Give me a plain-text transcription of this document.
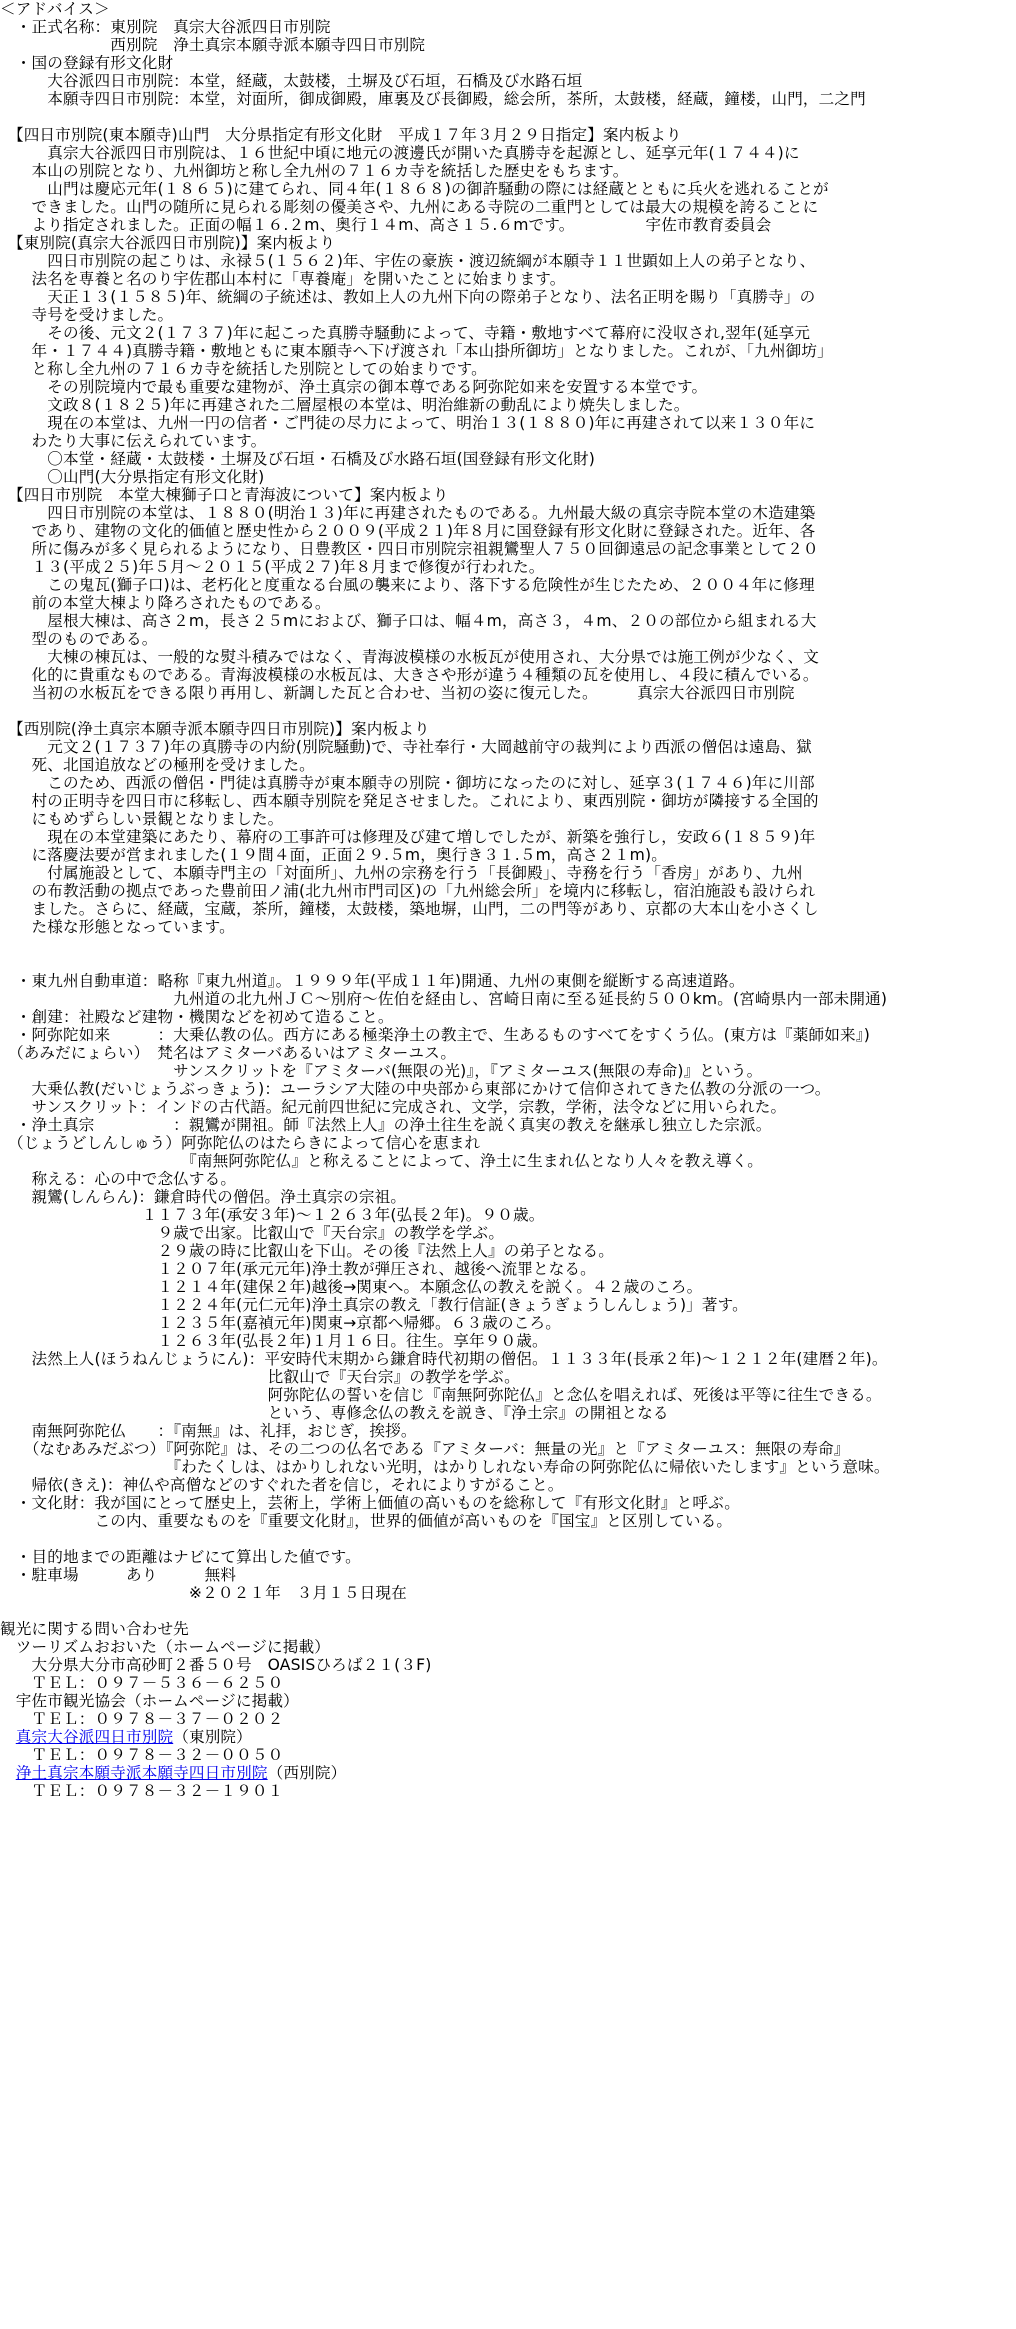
＜アドバイス＞
　・正式名称：東別院　真宗大谷派四日市別院
　　　　　　　西別院　浄土真宗本願寺派本願寺四日市別院
　・国の登録有形文化財
　　　大谷派四日市別院：本堂，経蔵，太鼓楼，土塀及び石垣，石橋及び水路石垣
　　　本願寺四日市別院：本堂，対面所，御成御殿，庫裏及び長御殿，総会所，茶所，太鼓楼，経蔵，鐘楼，山門，二之門
　【四日市別院(東本願寺)山門　大分県指定有形文化財　平成１７年３月２９日指定】案内板より
　　　真宗大谷派四日市別院は、１６世紀中頃に地元の渡邊氏が開いた真勝寺を起源とし、延享元年(１７４４)に
　　本山の別院となり、九州御坊と称し全九州の７１６カ寺を統括した歴史をもちます。
　　　山門は慶応元年(１８６５)に建てられ、同４年(１８６８)の御許騒動の際には経蔵とともに兵火を逃れることが
　　できました。山門の随所に見られる彫刻の優美さや、九州にある寺院の二重門としては最大の規模を誇ることに
　　より指定されました。正面の幅１６.２m、奥行１４m、高さ１５.６mです。　　　　　宇佐市教育委員会
　【東別院(真宗大谷派四日市別院)】案内板より
　　　四日市別院の起こりは、永禄５(１５６２)年、宇佐の豪族・渡辺統綱が本願寺１１世顕如上人の弟子となり、
　　法名を専養と名のり宇佐郡山本村に「専養庵」を開いたことに始まります。
　　　天正１３(１５８５)年、統綱の子統述は、教如上人の九州下向の際弟子となり、法名正明を賜り「真勝寺」の
　　寺号を受けました。
　　　その後、元文２(１７３７)年に起こった真勝寺騒動によって、寺籍・敷地すべて幕府に没収され,翌年(延享元
　　年・１７４４)真勝寺籍・敷地ともに東本願寺へ下げ渡され「本山掛所御坊」となりました。これが、「九州御坊」
　　と称し全九州の７１６カ寺を統括した別院としての始まりです。
　　　その別院境内で最も重要な建物が、浄土真宗の御本尊である阿弥陀如来を安置する本堂です。
　　　文政８(１８２５)年に再建された二層屋根の本堂は、明治維新の動乱により焼失しました。
　　　現在の本堂は、九州一円の信者・ご門徒の尽力によって、明治１３(１８８０)年に再建されて以来１３０年に
　　わたり大事に伝えられています。
　　　〇本堂・経蔵・太鼓楼・土塀及び石垣・石橋及び水路石垣(国登録有形文化財)
　　　〇山門(大分県指定有形文化財)
　【四日市別院　本堂大棟獅子口と青海波について】案内板より
　　　四日市別院の本堂は、１８８０(明治１３)年に再建されたものである。九州最大級の真宗寺院本堂の木造建築
　　であり、建物の文化的価値と歴史性から２００９(平成２１)年８月に国登録有形文化財に登録された。近年、各
　　所に傷みが多く見られるようになり、日豊教区・四日市別院宗祖親鸞聖人７５０回御遠忌の記念事業として２０
　　１３(平成２５)年５月～２０１５(平成２７)年８月まで修復が行われた。
　　　この鬼瓦(獅子口)は、老朽化と度重なる台風の襲来により、落下する危険性が生じたため、２００４年に修理
　　前の本堂大棟より降ろされたものである。
　　　屋根大棟は、高さ２m，長さ２５mにおよび、獅子口は、幅４m，高さ３，４m、２０の部位から組まれる大
　　型のものである。
　　　大棟の棟瓦は、一般的な熨斗積みではなく、青海波模様の水板瓦が使用され、大分県では施工例が少なく、文
　　化的に貴重なものである。青海波模様の水板瓦は、大きさや形が違う４種類の瓦を使用し、４段に積んでいる。
　　当初の水板瓦をできる限り再用し、新調した瓦と合わせ、当初の姿に復元した。　　　真宗大谷派四日市別院
　【西別院(浄土真宗本願寺派本願寺四日市別院)】案内板より
　　　元文２(１７３７)年の真勝寺の内紛(別院騒動)で、寺社奉行・大岡越前守の裁判により西派の僧侶は遠島、獄
　　死、北国追放などの極刑を受けました。
　　　このため、西派の僧侶・門徒は真勝寺が東本願寺の別院・御坊になったのに対し、延享３(１７４６)年に川部
　　村の正明寺を四日市に移転し、西本願寺別院を発足させました。これにより、東西別院・御坊が隣接する全国的
　　にもめずらしい景観となりました。
　　　現在の本堂建築にあたり、幕府の工事許可は修理及び建て増しでしたが、新築を強行し，安政６(１８５９)年
　　に落慶法要が営まれました(１９間４面，正面２９.５m，奥行き３１.５m，高さ２１m)。
　　　付属施設として、本願寺門主の「対面所」、九州の宗務を行う「長御殿」、寺務を行う「香房」があり、九州
　　の布教活動の拠点であった豊前田ノ浦(北九州市門司区)の「九州総会所」を境内に移転し，宿泊施設も設けられ
　　ました。さらに、経蔵，宝蔵，茶所，鐘楼，太鼓楼，築地塀，山門，二の門等があり、京都の大本山を小さくし
　　た様な形態となっています。
　・東九州自動車道：略称『東九州道』。１９９９年(平成１１年)開通、九州の東側を縦断する高速道路。
　　　　　　　　　　　九州道の北九州ＪＣ～別府～佐伯を経由し、宮崎日南に至る延長約５００km。(宮崎県内一部未開通)
　・創建：社殿など建物・機関などを初めて造ること。
　・阿弥陀如来　　　：大乗仏教の仏。西方にある極楽浄土の教主で、生あるものすべてをすくう仏。(東方は『薬師如来』)
　（あみだにょらい）　梵名はアミターバあるいはアミターユス。
　　　　　　　　　　　サンスクリットを『アミターバ(無限の光)』，『アミターユス(無限の寿命)』という。
　　大乗仏教(だいじょうぶっきょう)：ユーラシア大陸の中央部から東部にかけて信仰されてきた仏教の分派の一つ。
　　サンスクリット：インドの古代語。紀元前四世紀に完成され、文学，宗教，学術，法令などに用いられた。
　・浄土真宗　　　　　：親鸞が開祖。師『法然上人』の浄土往生を説く真実の教えを継承し独立した宗派。
　（じょうどしんしゅう）阿弥陀仏のはたらきによって信心を恵まれ
　　　　　　　　　　　　『南無阿弥陀仏』と称えることによって、浄土に生まれ仏となり人々を教え導く。
　　称える：心の中で念仏する。
　　親鸞(しんらん)：鎌倉時代の僧侶。浄土真宗の宗祖。
　　　　　　　　　１１７３年(承安３年)～１２６３年(弘長２年)。９０歳。
　　　　　　　　　　９歳で出家。比叡山で『天台宗』の教学を学ぶ。
　　　　　　　　　　２９歳の時に比叡山を下山。その後『法然上人』の弟子となる。
　　　　　　　　　　１２０７年(承元元年)浄土教が弾圧され、越後へ流罪となる。
　　　　　　　　　　１２１４年(建保２年)越後→関東へ。本願念仏の教えを説く。４２歳のころ。
　　　　　　　　　　１２２４年(元仁元年)浄土真宗の教え「教行信証(きょうぎょうしんしょう)」著す。
　　　　　　　　　　１２３５年(嘉禎元年)関東→京都へ帰郷。６３歳のころ。
　　　　　　　　　　１２６３年(弘長２年)１月１６日。往生。享年９０歳。
　　法然上人(ほうねんじょうにん)：平安時代末期から鎌倉時代初期の僧侶。１１３３年(長承２年)～１２１２年(建暦２年)。
　　　　　　　　　　　　　　　　　比叡山で『天台宗』の教学を学ぶ。
　　　　　　　　　　　　　　　　　阿弥陀仏の誓いを信じ『南無阿弥陀仏』と念仏を唱えれば、死後は平等に往生できる。
　　　　　　　　　　　　　　　　　という、専修念仏の教えを説き、『浄土宗』の開祖となる
　　南無阿弥陀仏　　：『南無』は、礼拝，おじぎ，挨拶。
　　（なむあみだぶつ）『阿弥陀』は、その二つの仏名である『アミターバ：無量の光』と『アミターユス：無限の寿命』
　　　　　　　　　　　『わたくしは、はかりしれない光明，はかりしれない寿命の阿弥陀仏に帰依いたします』という意味。
　　帰依(きえ)：神仏や高僧などのすぐれた者を信じ，それによりすがること。
　・文化財：我が国にとって歴史上，芸術上，学術上価値の高いものを総称して『有形文化財』と呼ぶ。
　　　　　　この内、重要なものを『重要文化財』，世界的価値が高いものを『国宝』と区別している。
　・目的地までの距離はナビにて算出した値です。
　・駐車場　　　あり　　　無料
　　　　　　　　　　　　※２０２１年　３月１５日現在
観光に関する問い合わせ先
　ツーリズムおおいた（ホームページに掲載）
　　大分県大分市高砂町２番５０号　OASISひろば２１(３F)
　　ＴＥＬ：０９７－５３６－６２５０
　宇佐市観光協会（ホームページに掲載）
　　ＴＥＬ：０９７８－３７－０２０２
　真宗大谷派四日市別院（東別院）
　　ＴＥＬ：０９７８－３２－００５０
　浄土真宗本願寺派本願寺四日市別院（西別院）
　　ＴＥＬ：０９７８－３２－１９０１
